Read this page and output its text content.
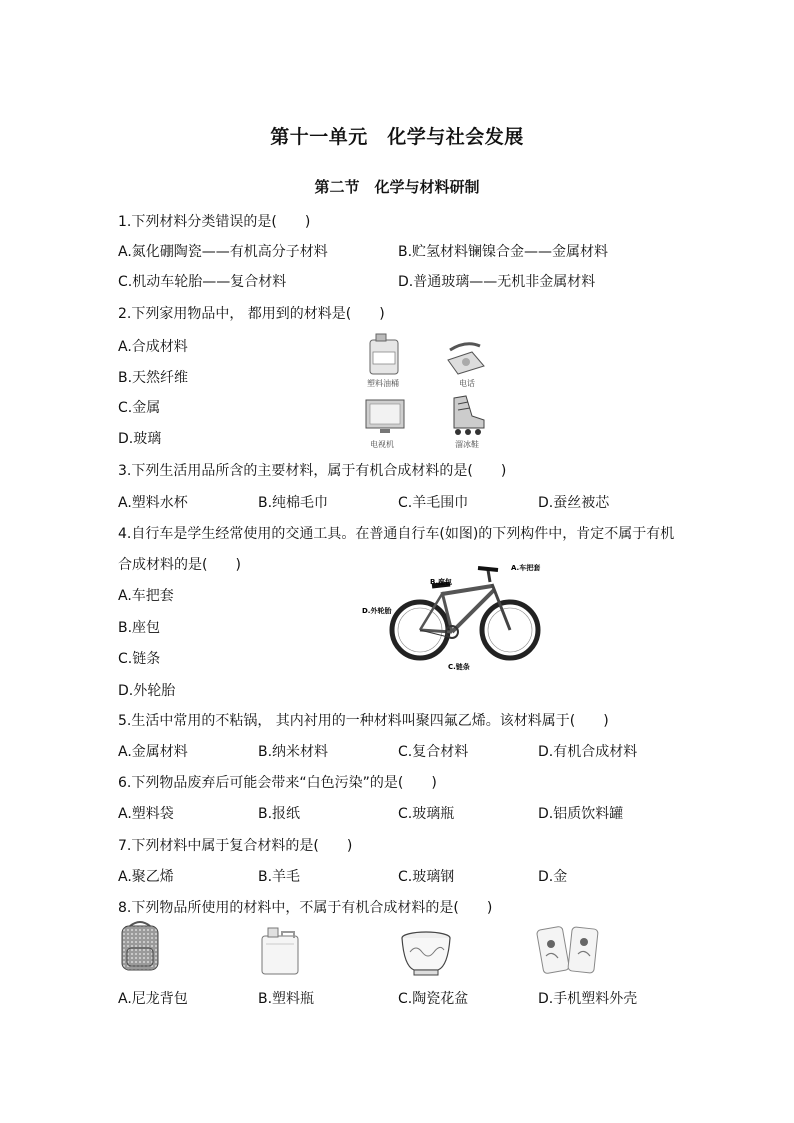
第十一单元　化学与社会发展
第二节　化学与材料研制
1.下列材料分类错误的是(　　)
A.氮化硼陶瓷——有机高分子材料	B.贮氢材料镧镍合金——金属材料
C.机动车轮胎——复合材料	D.普通玻璃——无机非金属材料
2.下列家用物品中， 都用到的材料是(　　)
A.合成材料
B.天然纤维
C.金属
D.玻璃
塑料油桶	电话
电视机	溜冰鞋
3.下列生活用品所含的主要材料，属于有机合成材料的是(　　)
A.塑料水杯	B.纯棉毛巾	C.羊毛围巾	D.蚕丝被芯
4.自行车是学生经常使用的交通工具。在普通自行车(如图)的下列构件中，肯定不属于有机
合成材料的是(　　)
A.车把套
B.座包
C.链条
D.外轮胎
A.车把套
B.座包
D.外轮胎
C.链条
5.生活中常用的不粘锅， 其内衬用的一种材料叫聚四氟乙烯。该材料属于(　　)
A.金属材料	B.纳米材料	C.复合材料	D.有机合成材料
6.下列物品废弃后可能会带来“白色污染”的是(　　)
A.塑料袋	B.报纸	C.玻璃瓶	D.铝质饮料罐
7.下列材料中属于复合材料的是(　　)
A.聚乙烯	B.羊毛	C.玻璃钢	D.金
8.下列物品所使用的材料中，不属于有机合成材料的是(　　)
A.尼龙背包	B.塑料瓶	C.陶瓷花盆	D.手机塑料外壳
